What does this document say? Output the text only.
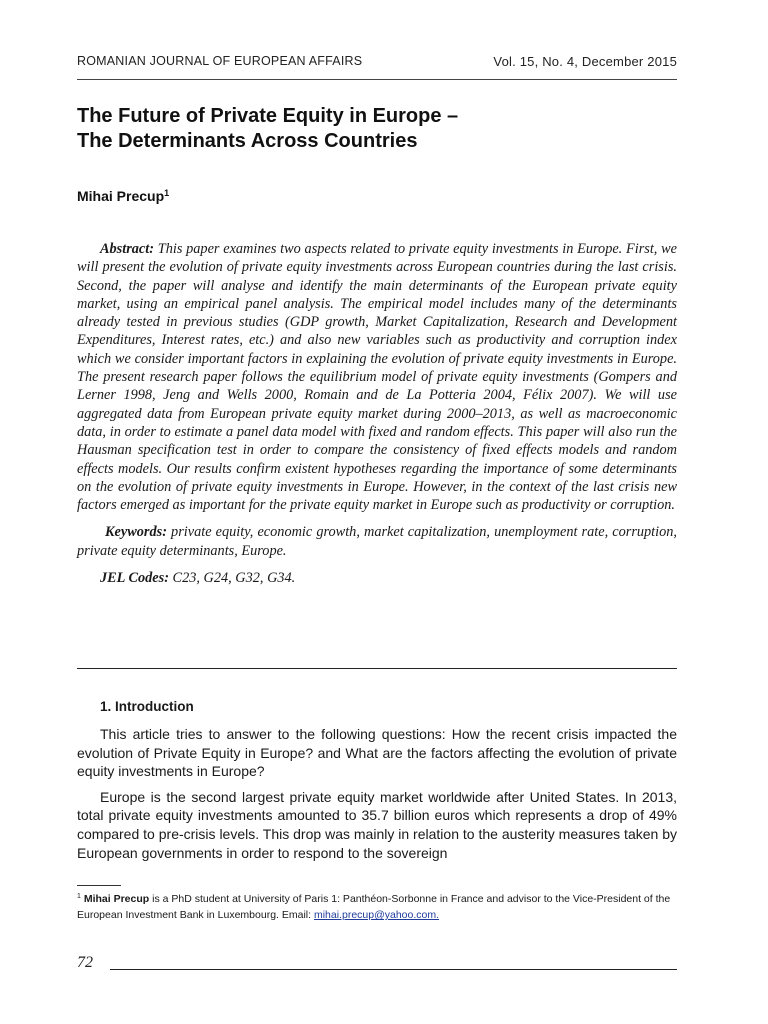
ROMANIAN JOURNAL OF EUROPEAN AFFAIRS	Vol. 15, No. 4, December 2015
The Future of Private Equity in Europe –
The Determinants Across Countries
Mihai Precup$^1$

Abstract: This paper examines two aspects related to private equity investments in Europe. First, we will present the evolution of private equity investments across European countries during the last crisis. Second, the paper will analyse and identify the main determinants of the European private equity market, using an empirical panel analysis. The empirical model includes many of the determinants already tested in previous studies (GDP growth, Market Capitalization, Research and Development Expenditures, Interest rates, etc.) and also new variables such as productivity and corruption index which we consider important factors in explaining the evolution of private equity investments in Europe. The present research paper follows the equilibrium model of private equity investments (Gompers and Lerner 1998, Jeng and Wells 2000, Romain and de La Potteria 2004, Félix 2007). We will use aggregated data from European private equity market during 2000–2013, as well as macroeconomic data, in order to estimate a panel data model with fixed and random effects. This paper will also run the Hausman specification test in order to compare the consistency of fixed effects models and random effects models. Our results confirm existent hypotheses regarding the importance of some determinants on the evolution of private equity investments in Europe. However, in the context of the last crisis new factors emerged as important for the private equity market in Europe such as productivity or corruption.

Keywords: private equity, economic growth, market capitalization, unemployment rate, corruption, private equity determinants, Europe.

JEL Codes: C23, G24, G32, G34.

1. Introduction

This article tries to answer to the following questions: How the recent crisis impacted the evolution of Private Equity in Europe? and What are the factors affecting the evolution of private equity investments in Europe?

Europe is the second largest private equity market worldwide after United States. In 2013, total private equity investments amounted to 35.7 billion euros which represents a drop of 49% compared to pre-crisis levels. This drop was mainly in relation to the austerity measures taken by European governments in order to respond to the sovereign

$^1$ Mihai Precup is a PhD student at University of Paris 1: Panthéon-Sorbonne in France and advisor to the Vice-President of the European Investment Bank in Luxembourg. Email: mihai.precup@yahoo.com.
72
